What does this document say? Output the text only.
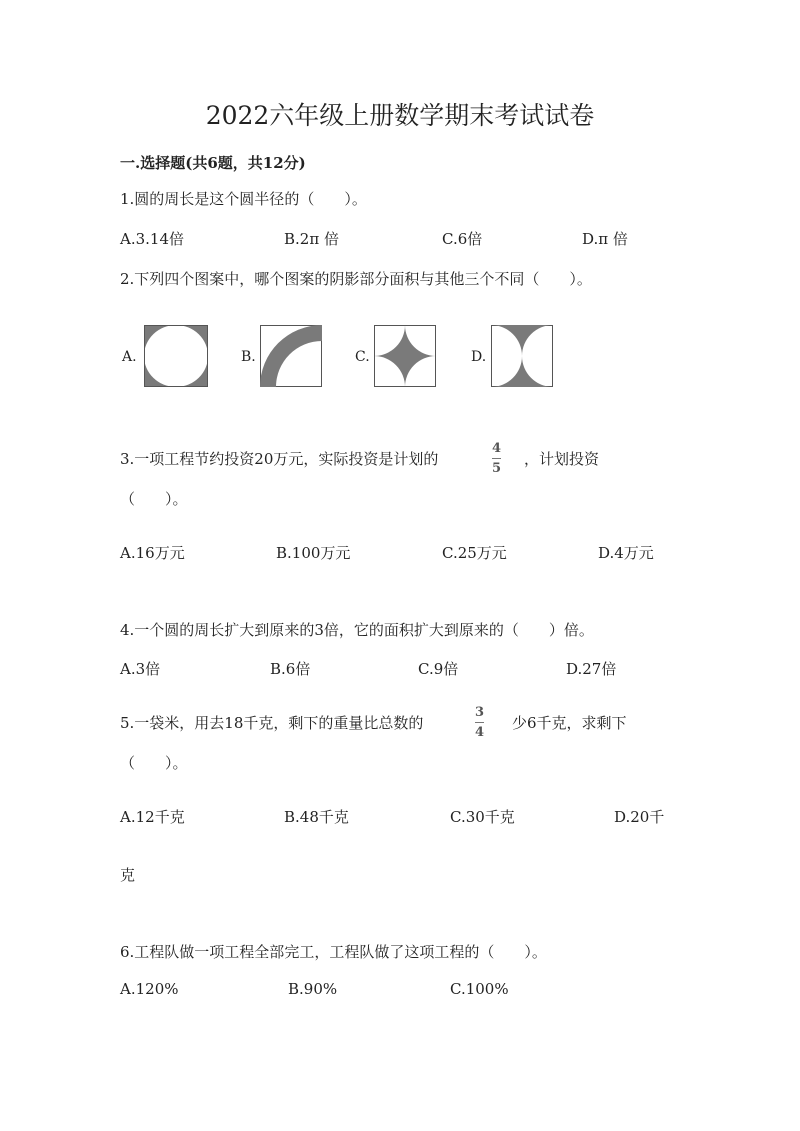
2022六年级上册数学期末考试试卷
一.选择题(共6题，共12分)
1.圆的周长是这个圆半径的（　　）。
A.3.14倍	B.2π 倍	C.6倍	D.π 倍
2.下列四个图案中，哪个图案的阴影部分面积与其他三个不同（　　）。
A.	B.	C.	D.
3.一项工程节约投资20万元，实际投资是计划的
4
5
，计划投资
（　　）。
A.16万元	B.100万元	C.25万元	D.4万元
4.一个圆的周长扩大到原来的3倍，它的面积扩大到原来的（　　）倍。
A.3倍	B.6倍	C.9倍	D.27倍
5.一袋米，用去18千克，剩下的重量比总数的
3
4
少6千克，求剩下
（　　）。
A.12千克	B.48千克	C.30千克	D.20千
克
6.工程队做一项工程全部完工，工程队做了这项工程的（　　）。
A.120%	B.90%	C.100%
